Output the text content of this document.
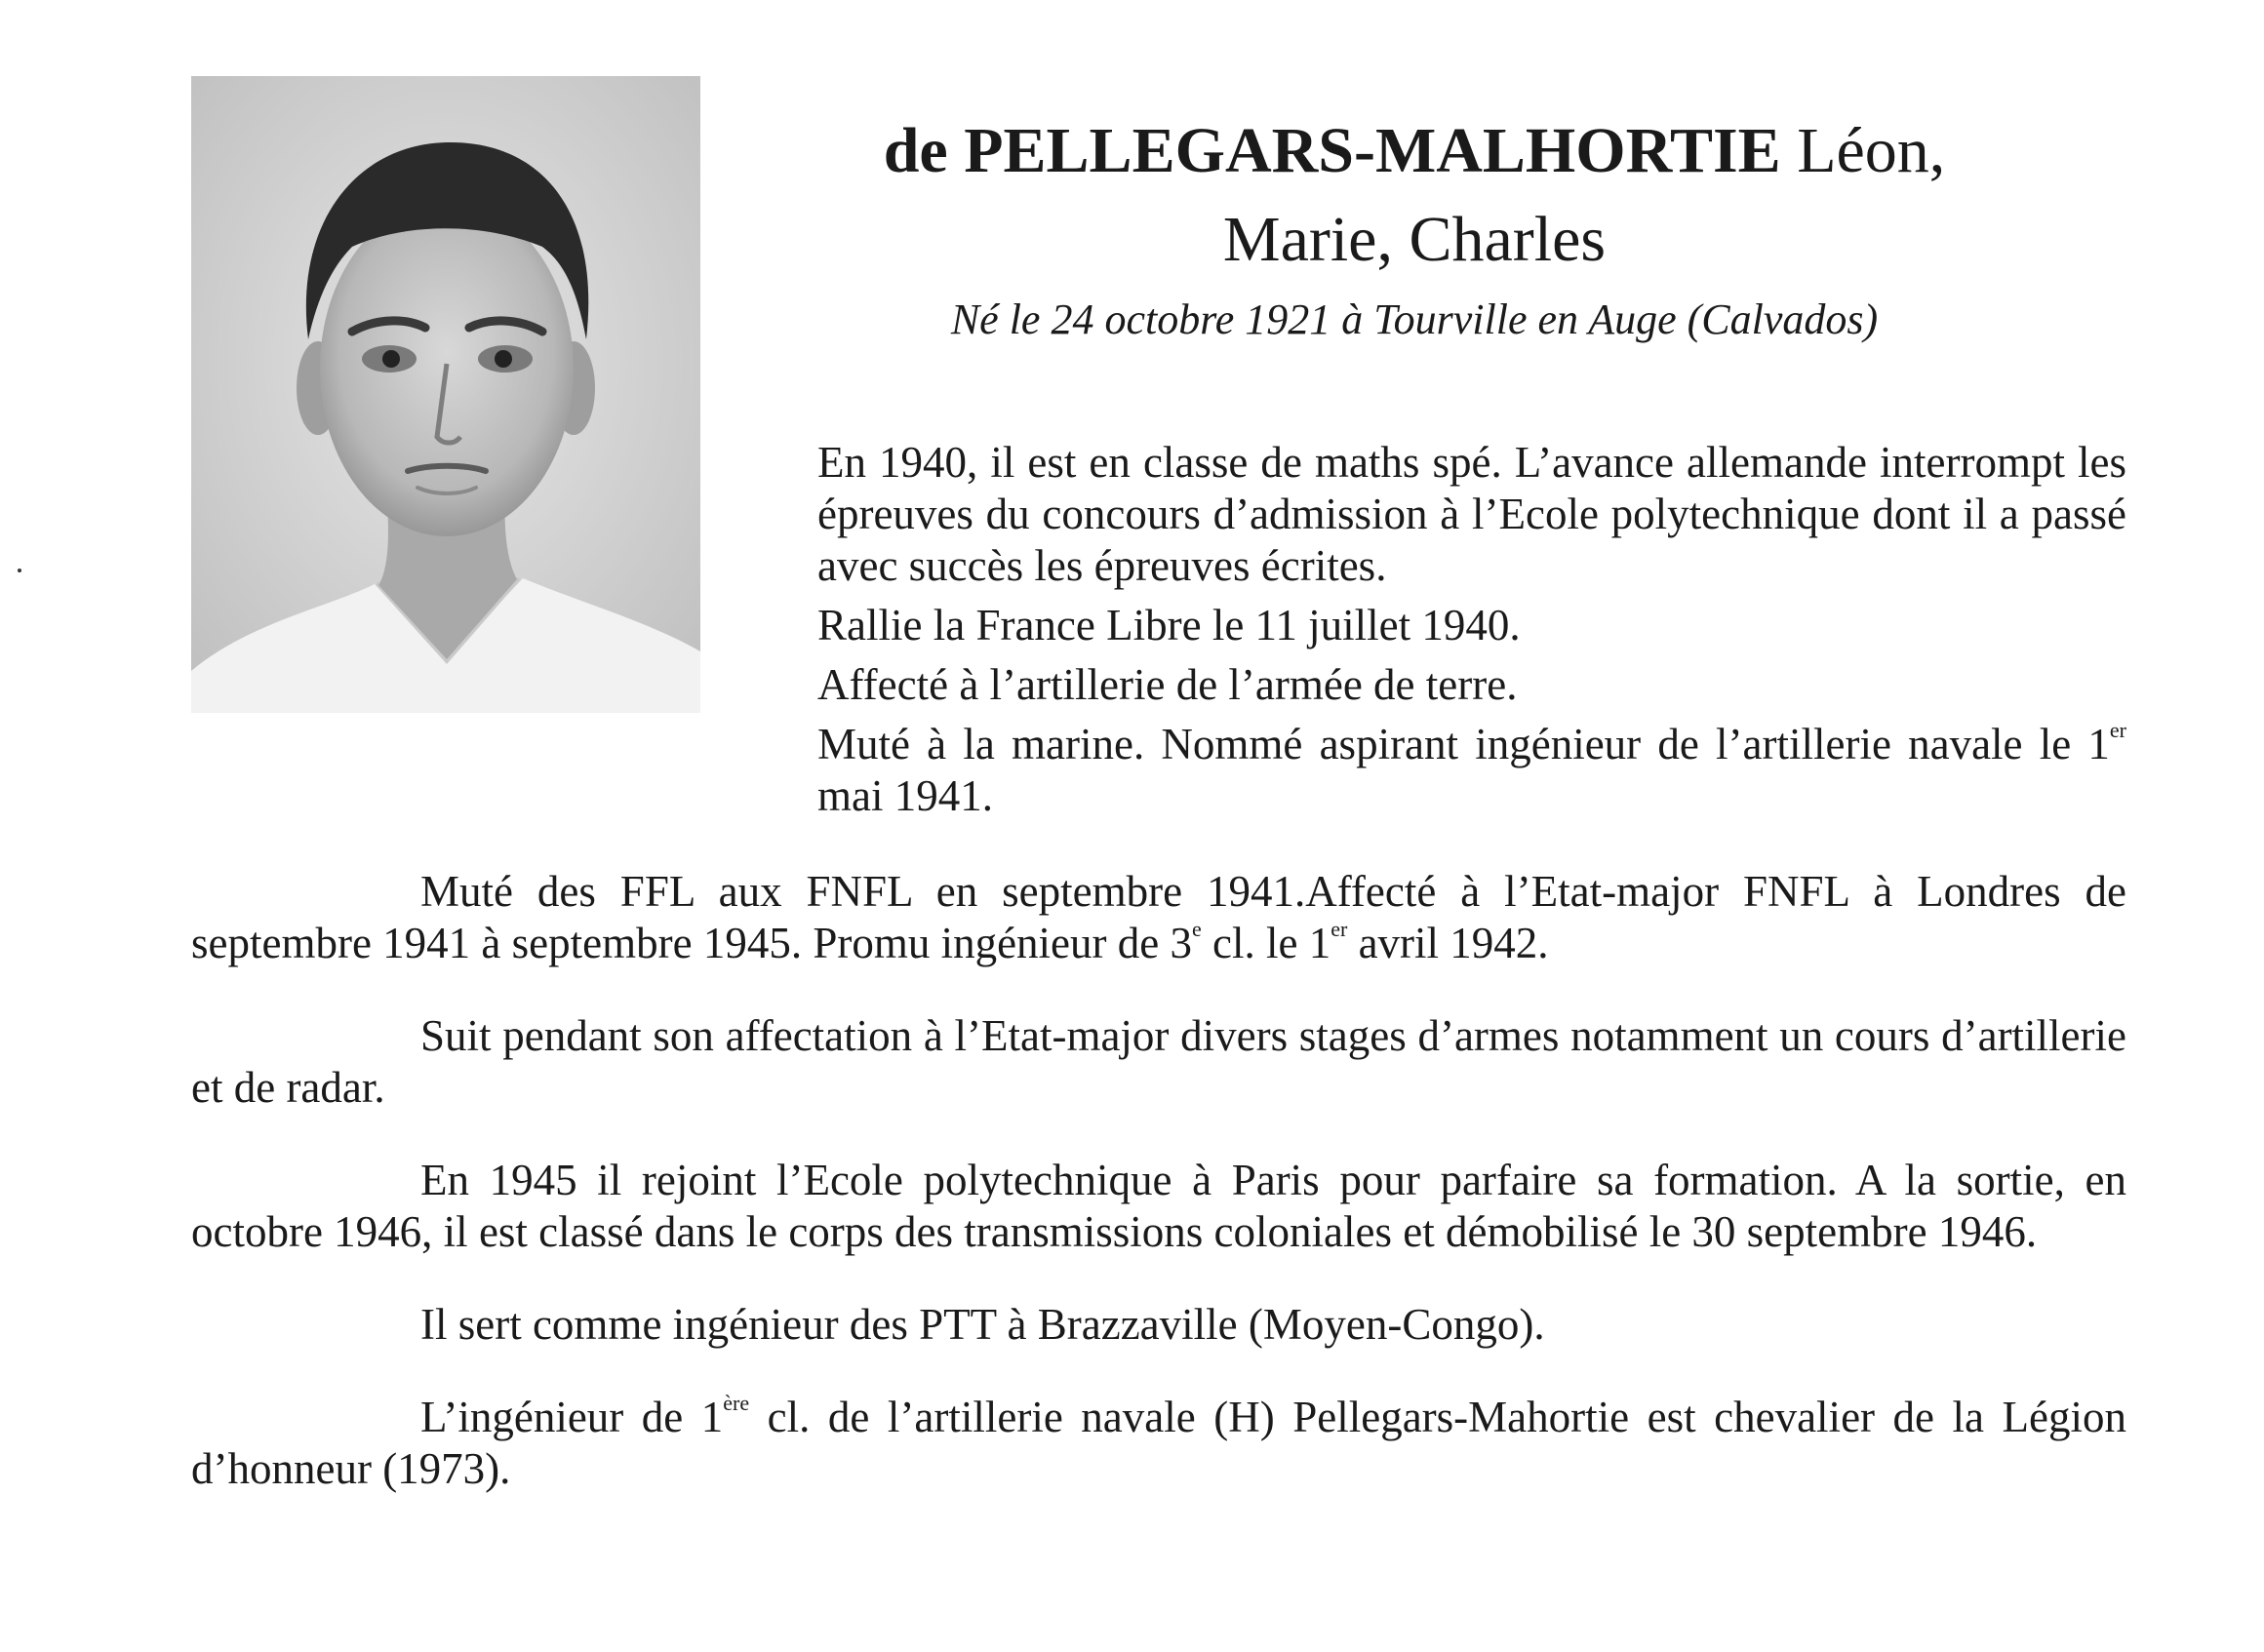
de PELLEGARS-MALHORTIE Léon,
Marie, Charles
Né le 24 octobre 1921 à Tourville en Auge (Calvados)

En 1940, il est en classe de maths spé. L’avance allemande interrompt les épreuves du concours d’admission à l’Ecole polytechnique dont il a passé avec succès les épreuves écrites.

Rallie la France Libre le 11 juillet 1940.

Affecté à l’artillerie de l’armée de terre.

Muté à la marine. Nommé aspirant ingénieur de l’artillerie navale le 1er mai 1941.

Muté des FFL aux FNFL en septembre 1941.Affecté à l’Etat-major FNFL à Londres de septembre 1941 à septembre 1945. Promu ingénieur de 3e cl. le 1er avril 1942.

Suit pendant son affectation à l’Etat-major divers stages d’armes notamment un cours d’artillerie et de radar.

En 1945 il rejoint l’Ecole polytechnique à Paris pour parfaire sa formation. A la sortie, en octobre 1946, il est classé dans le corps des transmissions coloniales et démobilisé le 30 septembre 1946.

Il sert comme ingénieur des PTT à Brazzaville (Moyen-Congo).

L’ingénieur de 1ère cl. de l’artillerie navale (H) Pellegars-Mahortie est chevalier de la Légion d’honneur (1973).
